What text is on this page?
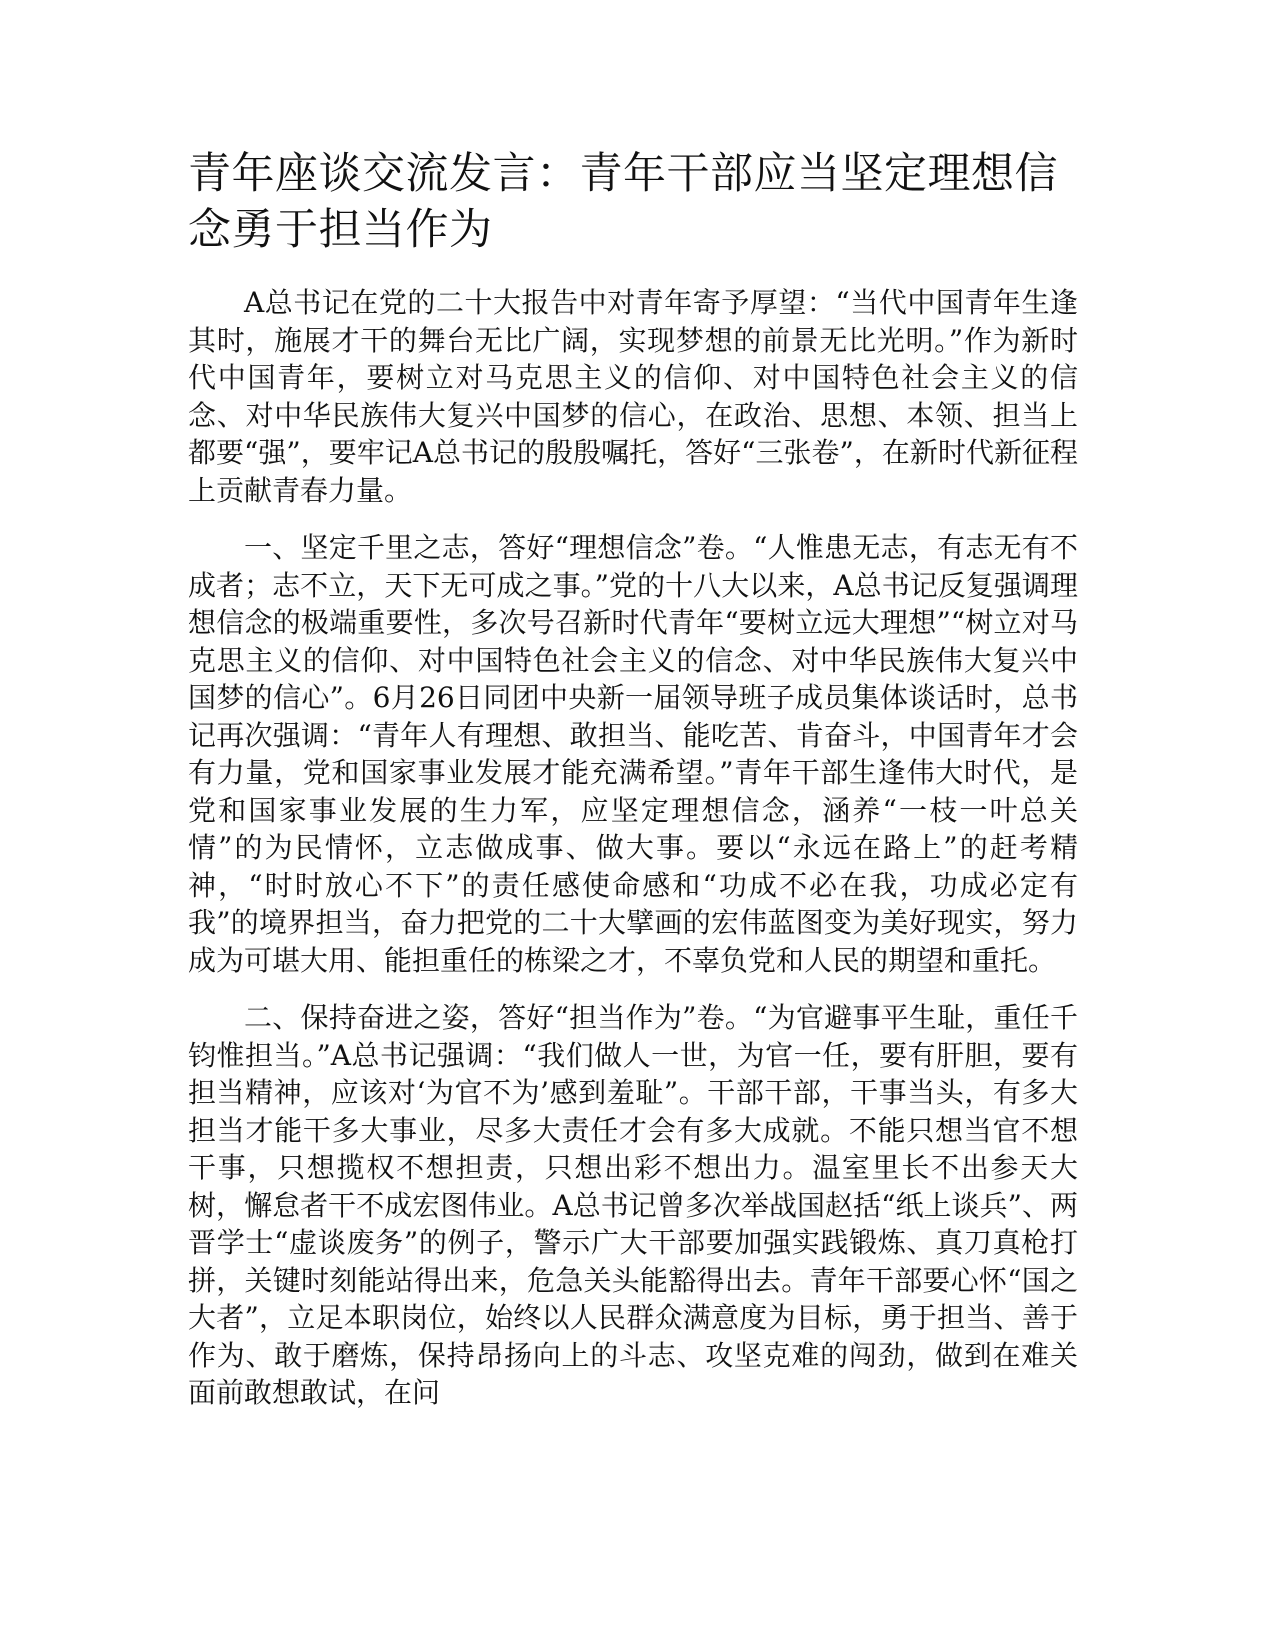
青年座谈交流发言：青年干部应当坚定理想信念勇于担当作为

A总书记在党的二十大报告中对青年寄予厚望：“当代中国青年生逢其时，施展才干的舞台无比广阔，实现梦想的前景无比光明。”作为新时代中国青年，要树立对马克思主义的信仰、对中国特色社会主义的信念、对中华民族伟大复兴中国梦的信心，在政治、思想、本领、担当上都要“强”，要牢记A总书记的殷殷嘱托，答好“三张卷”，在新时代新征程上贡献青春力量。

一、坚定千里之志，答好“理想信念”卷。“人惟患无志，有志无有不成者；志不立，天下无可成之事。”党的十八大以来，A总书记反复强调理想信念的极端重要性，多次号召新时代青年“要树立远大理想”“树立对马克思主义的信仰、对中国特色社会主义的信念、对中华民族伟大复兴中国梦的信心”。6月26日同团中央新一届领导班子成员集体谈话时，总书记再次强调：“青年人有理想、敢担当、能吃苦、肯奋斗，中国青年才会有力量，党和国家事业发展才能充满希望。”青年干部生逢伟大时代，是党和国家事业发展的生力军，应坚定理想信念，涵养“一枝一叶总关情”的为民情怀，立志做成事、做大事。要以“永远在路上”的赶考精神，“时时放心不下”的责任感使命感和“功成不必在我，功成必定有我”的境界担当，奋力把党的二十大擘画的宏伟蓝图变为美好现实，努力成为可堪大用、能担重任的栋梁之才，不辜负党和人民的期望和重托。

二、保持奋进之姿，答好“担当作为”卷。“为官避事平生耻，重任千钧惟担当。”A总书记强调：“我们做人一世，为官一任，要有肝胆，要有担当精神，应该对‘为官不为’感到羞耻”。干部干部，干事当头，有多大担当才能干多大事业，尽多大责任才会有多大成就。不能只想当官不想干事，只想揽权不想担责，只想出彩不想出力。温室里长不出参天大树，懈怠者干不成宏图伟业。A总书记曾多次举战国赵括“纸上谈兵”、两晋学士“虚谈废务”的例子，警示广大干部要加强实践锻炼、真刀真枪打拼，关键时刻能站得出来，危急关头能豁得出去。青年干部要心怀“国之大者”，立足本职岗位，始终以人民群众满意度为目标，勇于担当、善于作为、敢于磨炼，保持昂扬向上的斗志、攻坚克难的闯劲，做到在难关面前敢想敢试，在问
